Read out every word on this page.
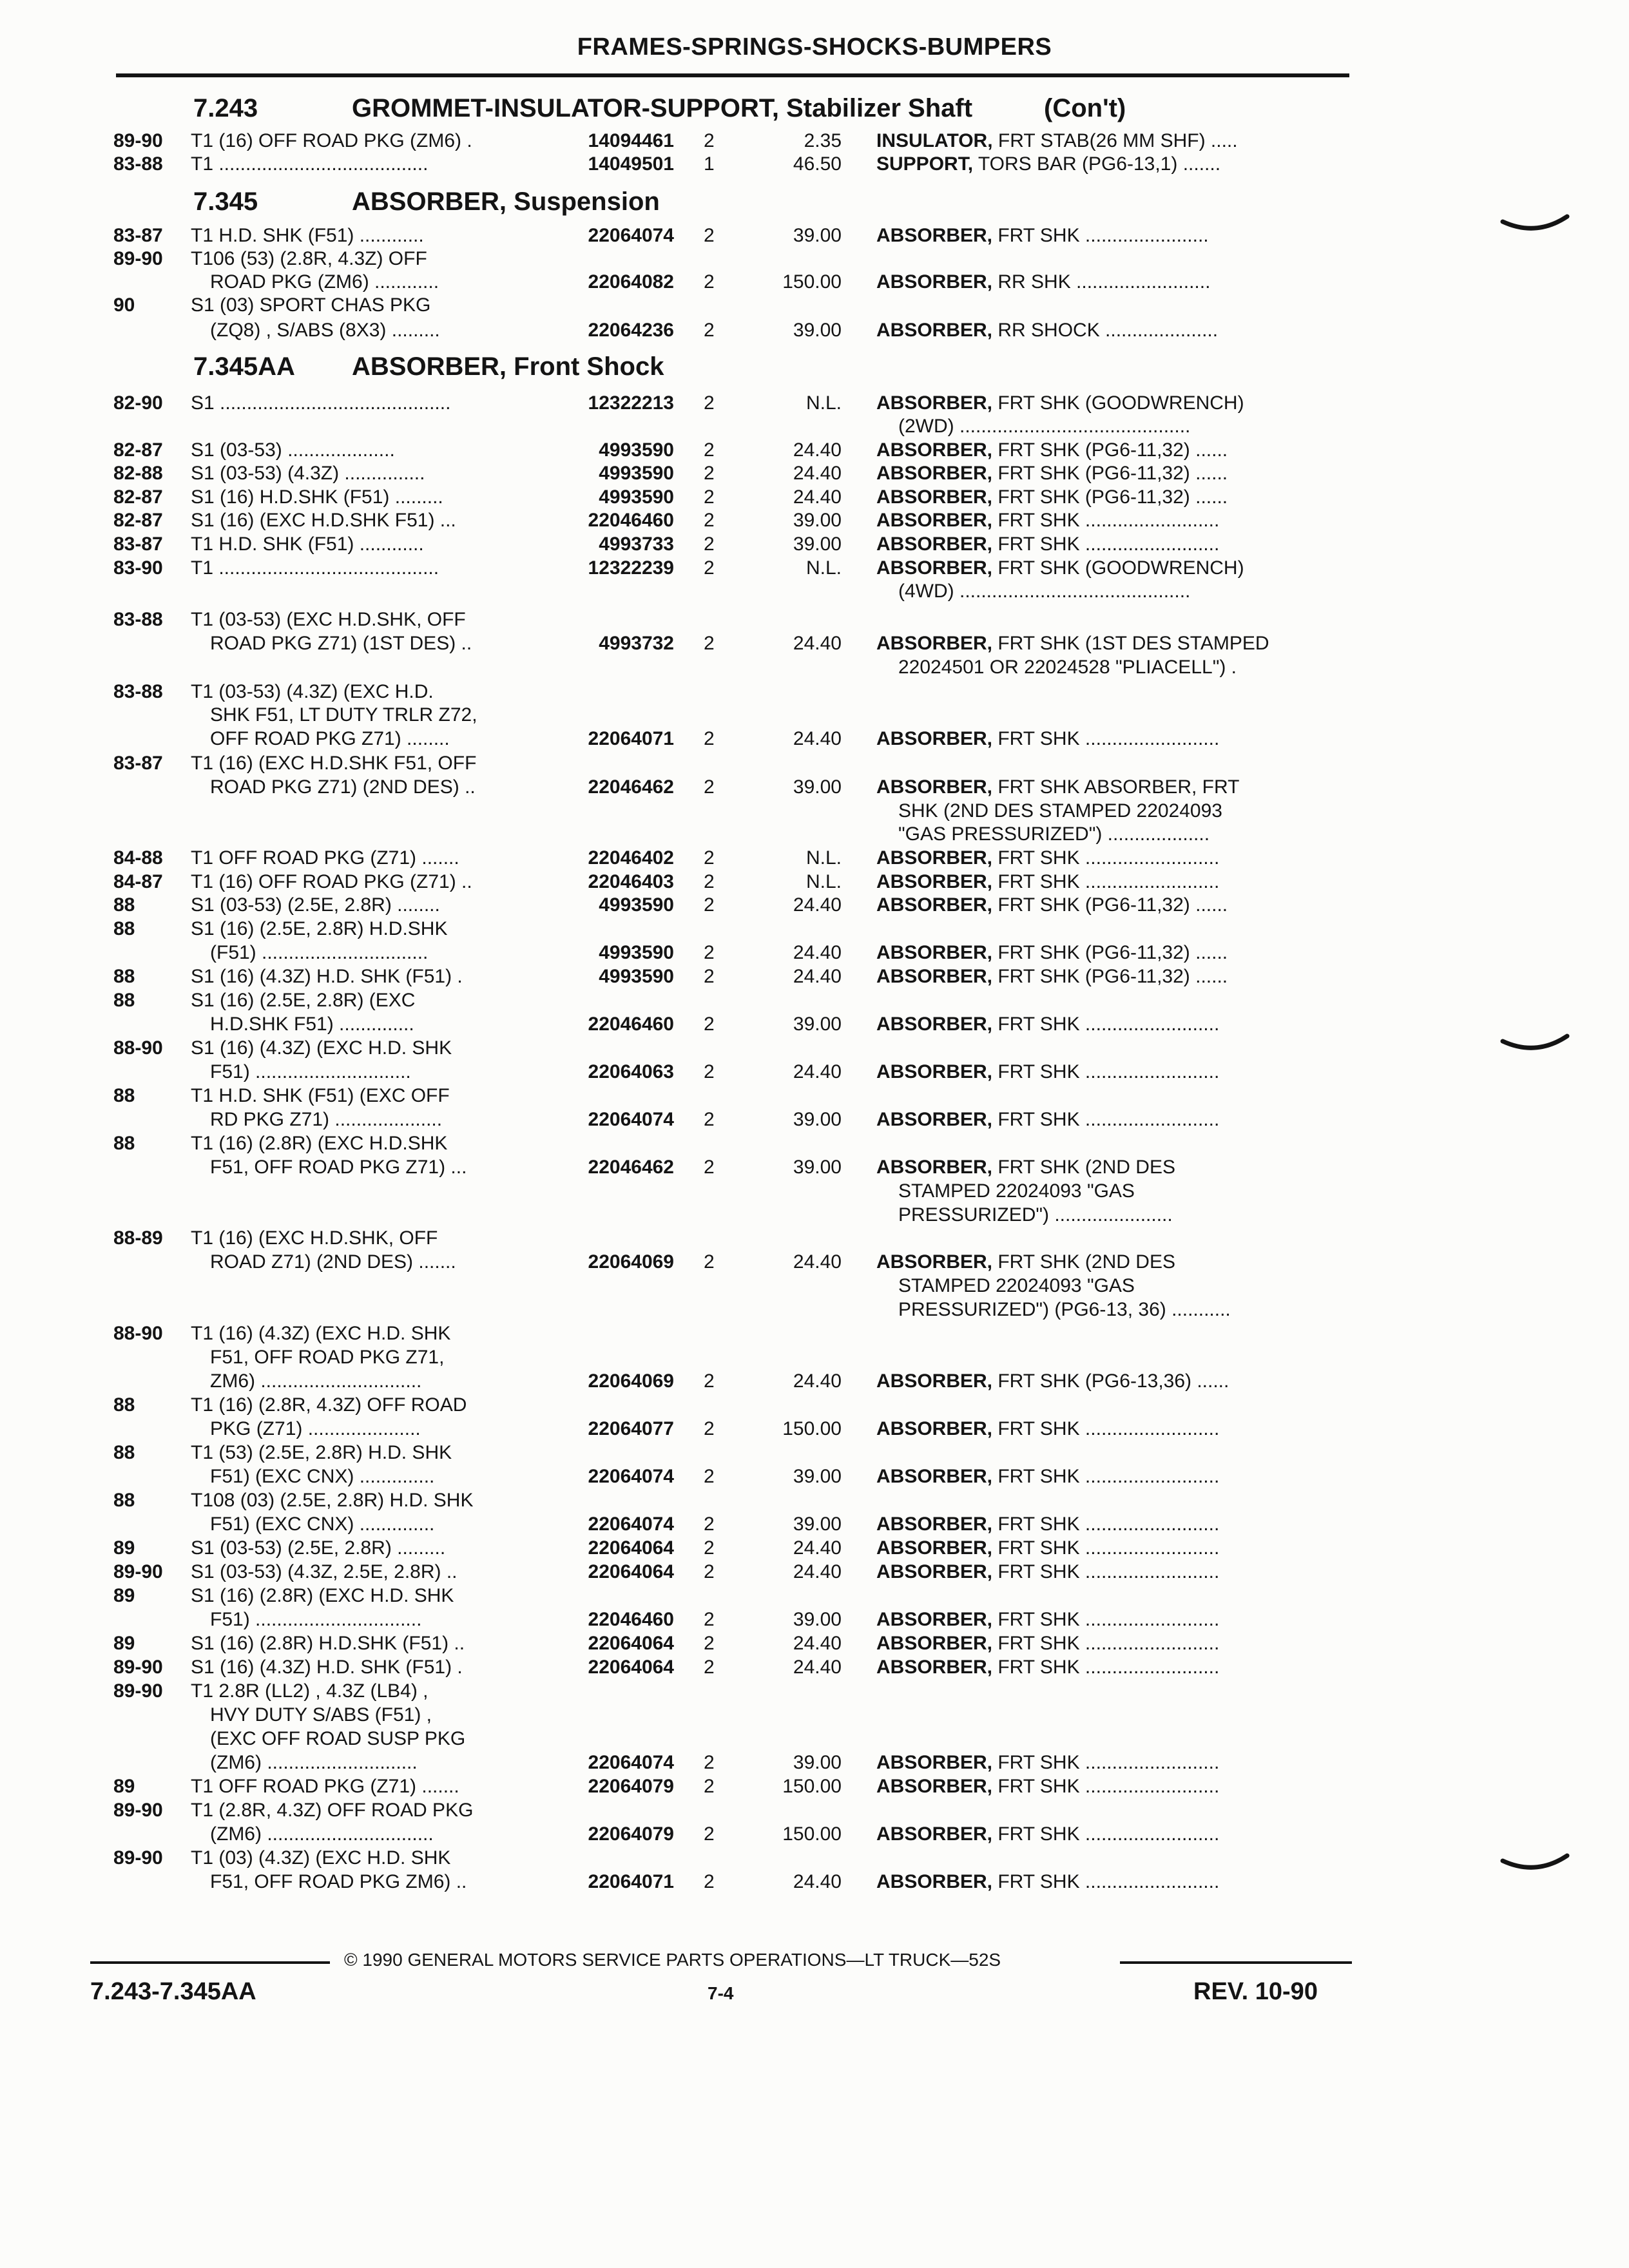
FRAMES-SPRINGS-SHOCKS-BUMPERS
7.243	GROMMET-INSULATOR-SUPPORT, Stabilizer Shaft	(Con't)
89-90 T1 (16) OFF ROAD PKG (ZM6) .	14094461 2	2.35 INSULATOR, FRT STAB(26 MM SHF) .....
83-88 T1 .......................................	14049501 1	46.50 SUPPORT, TORS BAR (PG6-13,1) .......
7.345	ABSORBER, Suspension
83-87 T1 H.D. SHK (F51) ............	22064074 2	39.00 ABSORBER, FRT SHK .......................
89-90 T106 (53) (2.8R, 4.3Z) OFF
ROAD PKG (ZM6) ............	22064082 2	150.00 ABSORBER, RR SHK .........................
90	S1 (03) SPORT CHAS PKG
(ZQ8) , S/ABS (8X3) .........	22064236 2	39.00 ABSORBER, RR SHOCK .....................
7.345AA ABSORBER, Front Shock
82-90 S1 ...........................................	12322213 2	N.L. ABSORBER, FRT SHK (GOODWRENCH)
(2WD) ...........................................
82-87 S1 (03-53) ....................	4993590 2	24.40 ABSORBER, FRT SHK (PG6-11,32) ......
82-88 S1 (03-53) (4.3Z) ...............	4993590 2	24.40 ABSORBER, FRT SHK (PG6-11,32) ......
82-87 S1 (16) H.D.SHK (F51) .........	4993590 2	24.40 ABSORBER, FRT SHK (PG6-11,32) ......
82-87 S1 (16) (EXC H.D.SHK F51) ...	22046460 2	39.00 ABSORBER, FRT SHK .........................
83-87 T1 H.D. SHK (F51) ............	4993733 2	39.00 ABSORBER, FRT SHK .........................
83-90 T1 .........................................	12322239 2	N.L. ABSORBER, FRT SHK (GOODWRENCH)
(4WD) ...........................................
83-88 T1 (03-53) (EXC H.D.SHK, OFF
ROAD PKG Z71) (1ST DES) ..	4993732 2	24.40 ABSORBER, FRT SHK (1ST DES STAMPED
22024501 OR 22024528 "PLIACELL") .
83-88 T1 (03-53) (4.3Z) (EXC H.D.
SHK F51, LT DUTY TRLR Z72,
OFF ROAD PKG Z71) ........	22064071 2	24.40 ABSORBER, FRT SHK .........................
83-87 T1 (16) (EXC H.D.SHK F51, OFF
ROAD PKG Z71) (2ND DES) ..	22046462 2	39.00 ABSORBER, FRT SHK ABSORBER, FRT
SHK (2ND DES STAMPED 22024093
"GAS PRESSURIZED") ...................
84-88 T1 OFF ROAD PKG (Z71) .......	22046402 2	N.L. ABSORBER, FRT SHK .........................
84-87 T1 (16) OFF ROAD PKG (Z71) ..	22046403 2	N.L. ABSORBER, FRT SHK .........................
88	S1 (03-53) (2.5E, 2.8R) ........	4993590 2	24.40 ABSORBER, FRT SHK (PG6-11,32) ......
88	S1 (16) (2.5E, 2.8R) H.D.SHK
(F51) ...............................	4993590 2	24.40 ABSORBER, FRT SHK (PG6-11,32) ......
88	S1 (16) (4.3Z) H.D. SHK (F51) .	4993590 2	24.40 ABSORBER, FRT SHK (PG6-11,32) ......
88	S1 (16) (2.5E, 2.8R) (EXC
H.D.SHK F51) ..............	22046460 2	39.00 ABSORBER, FRT SHK .........................
88-90 S1 (16) (4.3Z) (EXC H.D. SHK
F51) .............................	22064063 2	24.40 ABSORBER, FRT SHK .........................
88	T1 H.D. SHK (F51) (EXC OFF
RD PKG Z71) ....................	22064074 2	39.00 ABSORBER, FRT SHK .........................
88	T1 (16) (2.8R) (EXC H.D.SHK
F51, OFF ROAD PKG Z71) ...	22046462 2	39.00 ABSORBER, FRT SHK (2ND DES
STAMPED 22024093 "GAS
PRESSURIZED") ......................
88-89 T1 (16) (EXC H.D.SHK, OFF
ROAD Z71) (2ND DES) .......	22064069 2	24.40 ABSORBER, FRT SHK (2ND DES
STAMPED 22024093 "GAS
PRESSURIZED") (PG6-13, 36) ...........
88-90 T1 (16) (4.3Z) (EXC H.D. SHK
F51, OFF ROAD PKG Z71,
ZM6) ..............................	22064069 2	24.40 ABSORBER, FRT SHK (PG6-13,36) ......
88	T1 (16) (2.8R, 4.3Z) OFF ROAD
PKG (Z71) .....................	22064077 2	150.00 ABSORBER, FRT SHK .........................
88	T1 (53) (2.5E, 2.8R) H.D. SHK
F51) (EXC CNX) ..............	22064074 2	39.00 ABSORBER, FRT SHK .........................
88	T108 (03) (2.5E, 2.8R) H.D. SHK
F51) (EXC CNX) ..............	22064074 2	39.00 ABSORBER, FRT SHK .........................
89	S1 (03-53) (2.5E, 2.8R) .........	22064064 2	24.40 ABSORBER, FRT SHK .........................
89-90 S1 (03-53) (4.3Z, 2.5E, 2.8R) ..	22064064 2	24.40 ABSORBER, FRT SHK .........................
89	S1 (16) (2.8R) (EXC H.D. SHK
F51) ...............................	22046460 2	39.00 ABSORBER, FRT SHK .........................
89	S1 (16) (2.8R) H.D.SHK (F51) ..	22064064 2	24.40 ABSORBER, FRT SHK .........................
89-90 S1 (16) (4.3Z) H.D. SHK (F51) .	22064064 2	24.40 ABSORBER, FRT SHK .........................
89-90 T1 2.8R (LL2) , 4.3Z (LB4) ,
HVY DUTY S/ABS (F51) ,
(EXC OFF ROAD SUSP PKG
(ZM6) ............................	22064074 2	39.00 ABSORBER, FRT SHK .........................
89	T1 OFF ROAD PKG (Z71) .......	22064079 2	150.00 ABSORBER, FRT SHK .........................
89-90 T1 (2.8R, 4.3Z) OFF ROAD PKG
(ZM6) ...............................	22064079 2	150.00 ABSORBER, FRT SHK .........................
89-90 T1 (03) (4.3Z) (EXC H.D. SHK
F51, OFF ROAD PKG ZM6) ..	22064071 2	24.40 ABSORBER, FRT SHK .........................
© 1990 GENERAL MOTORS SERVICE PARTS OPERATIONS—LT TRUCK—52S
7.243-7.345AA	7-4	REV. 10-90
